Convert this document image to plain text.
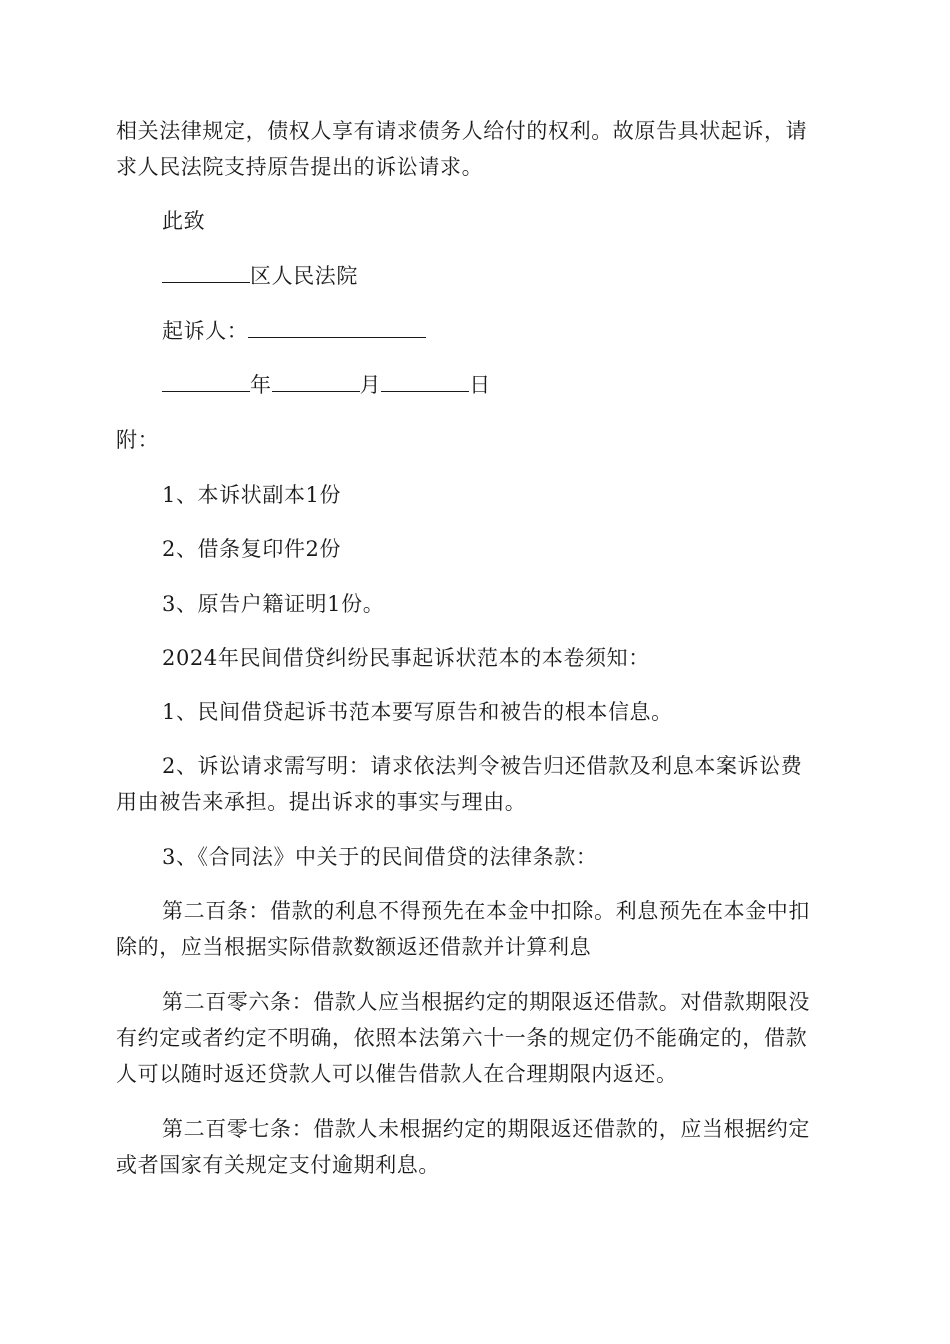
相关法律规定，债权人享有请求债务人给付的权利。故原告具状起诉，请
求人民法院支持原告提出的诉讼请求。
此致
区人民法院
起诉人：
年	月	日
附：
1、本诉状副本1份
2、借条复印件2份
3、原告户籍证明1份。
2024年民间借贷纠纷民事起诉状范本的本卷须知：
1、民间借贷起诉书范本要写原告和被告的根本信息。
2、诉讼请求需写明：请求依法判令被告归还借款及利息本案诉讼费
用由被告来承担。提出诉求的事实与理由。
3、《合同法》中关于的民间借贷的法律条款：
第二百条：借款的利息不得预先在本金中扣除。利息预先在本金中扣
除的，应当根据实际借款数额返还借款并计算利息
第二百零六条：借款人应当根据约定的期限返还借款。对借款期限没
有约定或者约定不明确，依照本法第六十一条的规定仍不能确定的，借款
人可以随时返还贷款人可以催告借款人在合理期限内返还。
第二百零七条：借款人未根据约定的期限返还借款的，应当根据约定
或者国家有关规定支付逾期利息。
